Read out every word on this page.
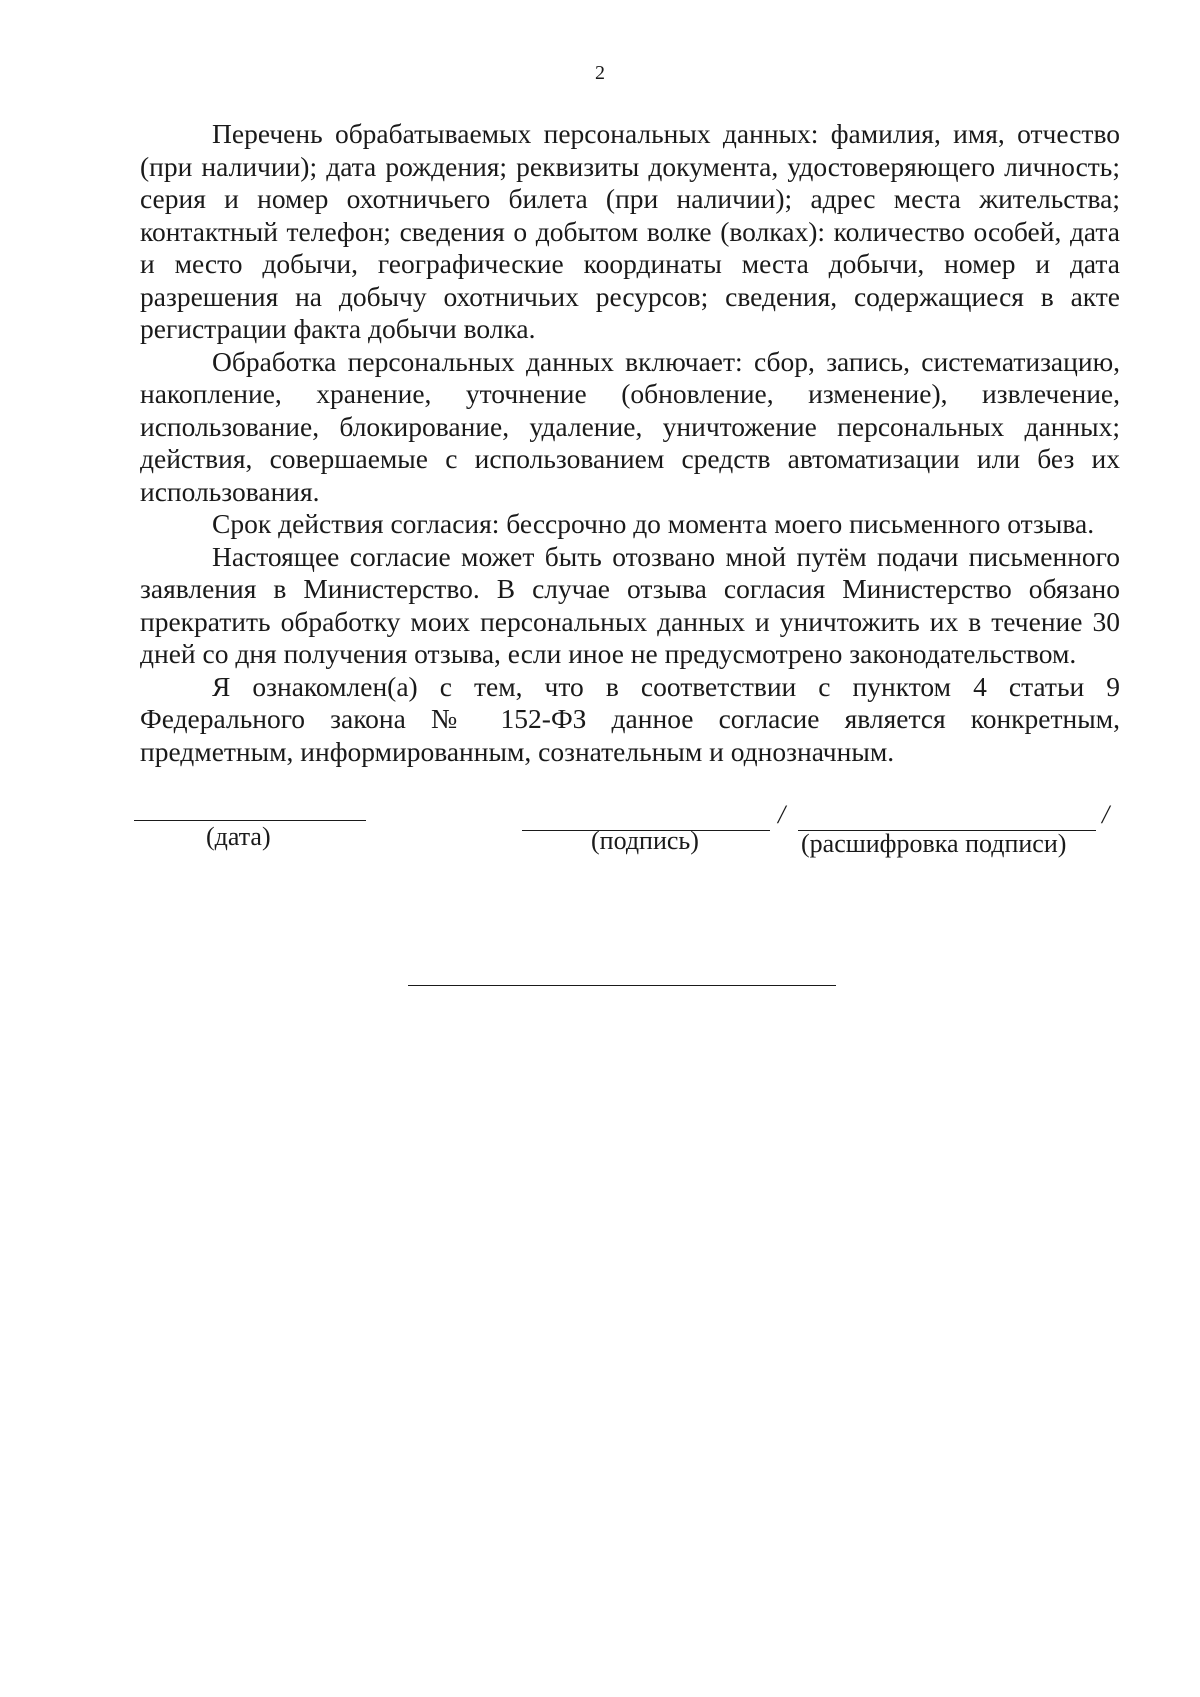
2

Перечень обрабатываемых персональных данных: фамилия, имя, отчество (при наличии); дата рождения; реквизиты документа, удостоверяющего личность; серия и номер охотничьего билета (при наличии); адрес места жительства; контактный телефон; сведения о добытом волке (волках): количество особей, дата и место добычи, географические координаты места добычи, номер и дата разрешения на добычу охотничьих ресурсов; сведения, содержащиеся в акте регистрации факта добычи волка.

Обработка персональных данных включает: сбор, запись, систематизацию, накопление, хранение, уточнение (обновление, изменение), извлечение, использование, блокирование, удаление, уничтожение персональных данных; действия, совершаемые с использованием средств автоматизации или без их использования.

Срок действия согласия: бессрочно до момента моего письменного отзыва.

Настоящее согласие может быть отозвано мной путём подачи письменного заявления в Министерство. В случае отзыва согласия Министерство обязано прекратить обработку моих персональных данных и уничтожить их в течение 30 дней со дня получения отзыва, если иное не предусмотрено законодательством.

Я ознакомлен(а) с тем, что в соответствии с пунктом 4 статьи 9 Федерального закона № 152-ФЗ данное согласие является конкретным, предметным, информированным, сознательным и однозначным.

(дата)
/
(подпись)
/
(расшифровка подписи)
